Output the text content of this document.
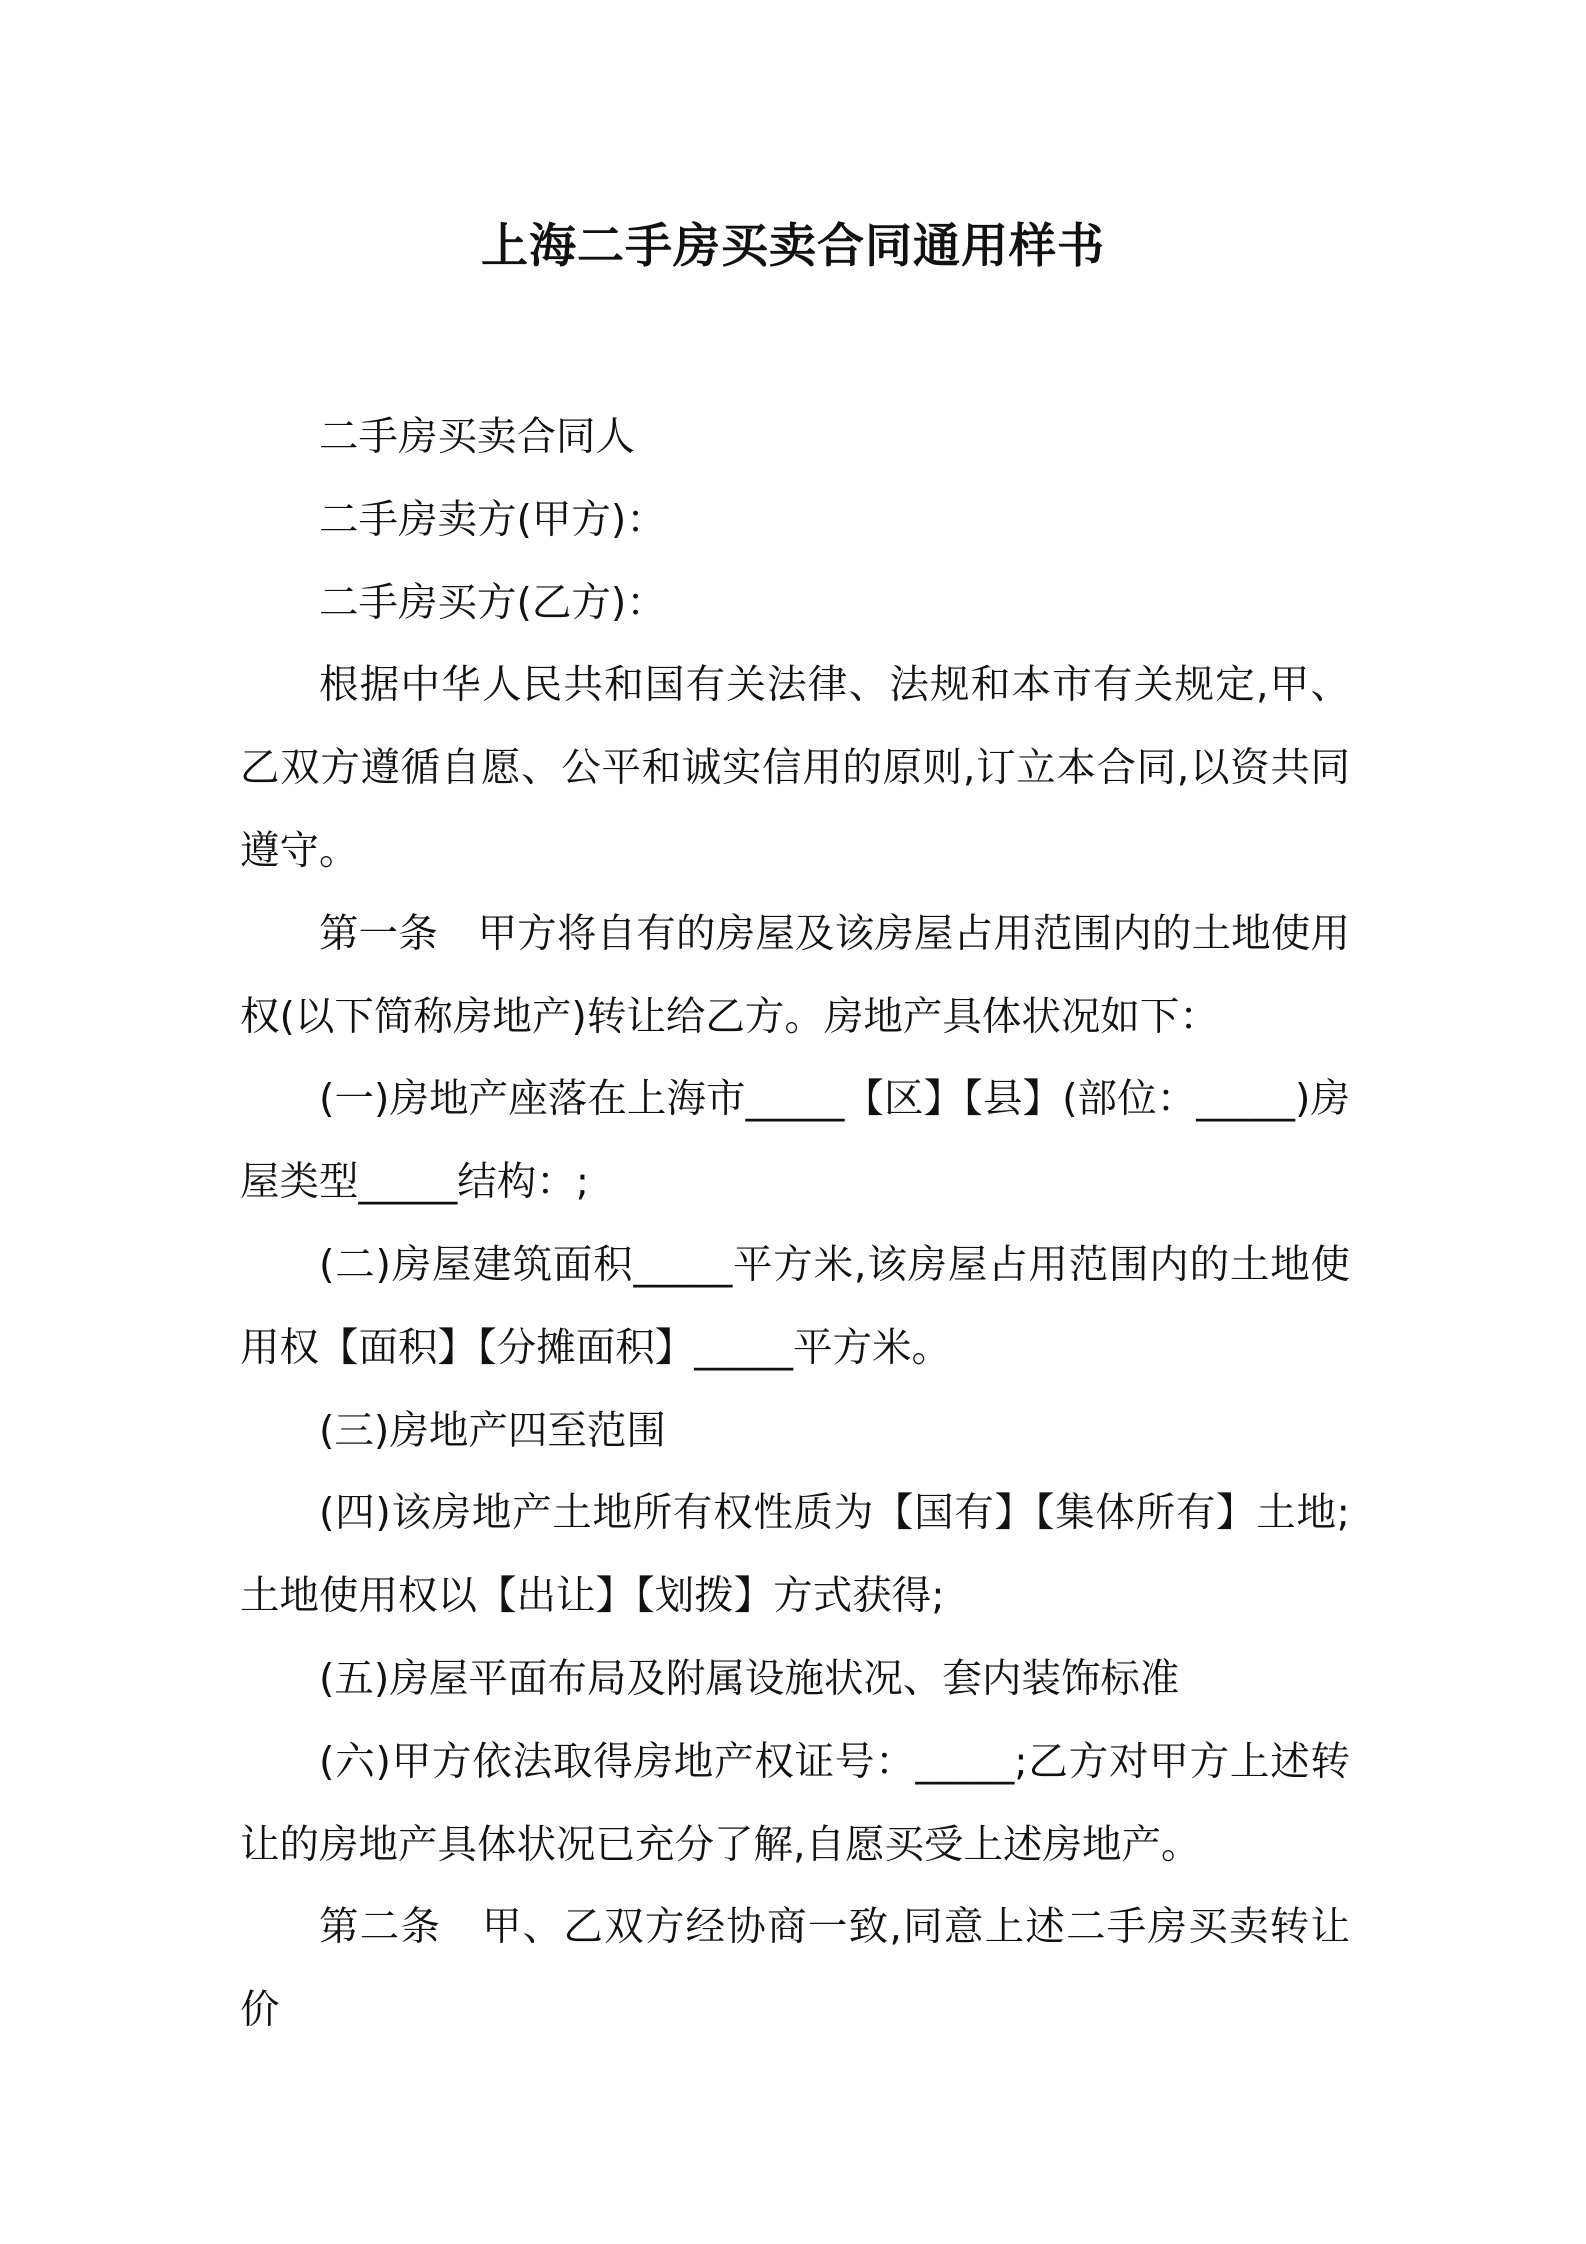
上海二手房买卖合同通用样书

二手房买卖合同人

二手房卖方(甲方)：

二手房买方(乙方)：

根据中华人民共和国有关法律、法规和本市有关规定,甲、乙双方遵循自愿、公平和诚实信用的原则,订立本合同,以资共同遵守。

第一条　甲方将自有的房屋及该房屋占用范围内的土地使用权(以下简称房地产)转让给乙方。房地产具体状况如下：

(一)房地产座落在上海市_____【区】【县】(部位：_____)房屋类型_____结构：;

(二)房屋建筑面积_____平方米,该房屋占用范围内的土地使用权【面积】【分摊面积】_____平方米。

(三)房地产四至范围

(四)该房地产土地所有权性质为【国有】【集体所有】土地;土地使用权以【出让】【划拨】方式获得;

(五)房屋平面布局及附属设施状况、套内装饰标准

(六)甲方依法取得房地产权证号：_____;乙方对甲方上述转让的房地产具体状况已充分了解,自愿买受上述房地产。

第二条　甲、乙双方经协商一致,同意上述二手房买卖转让价
